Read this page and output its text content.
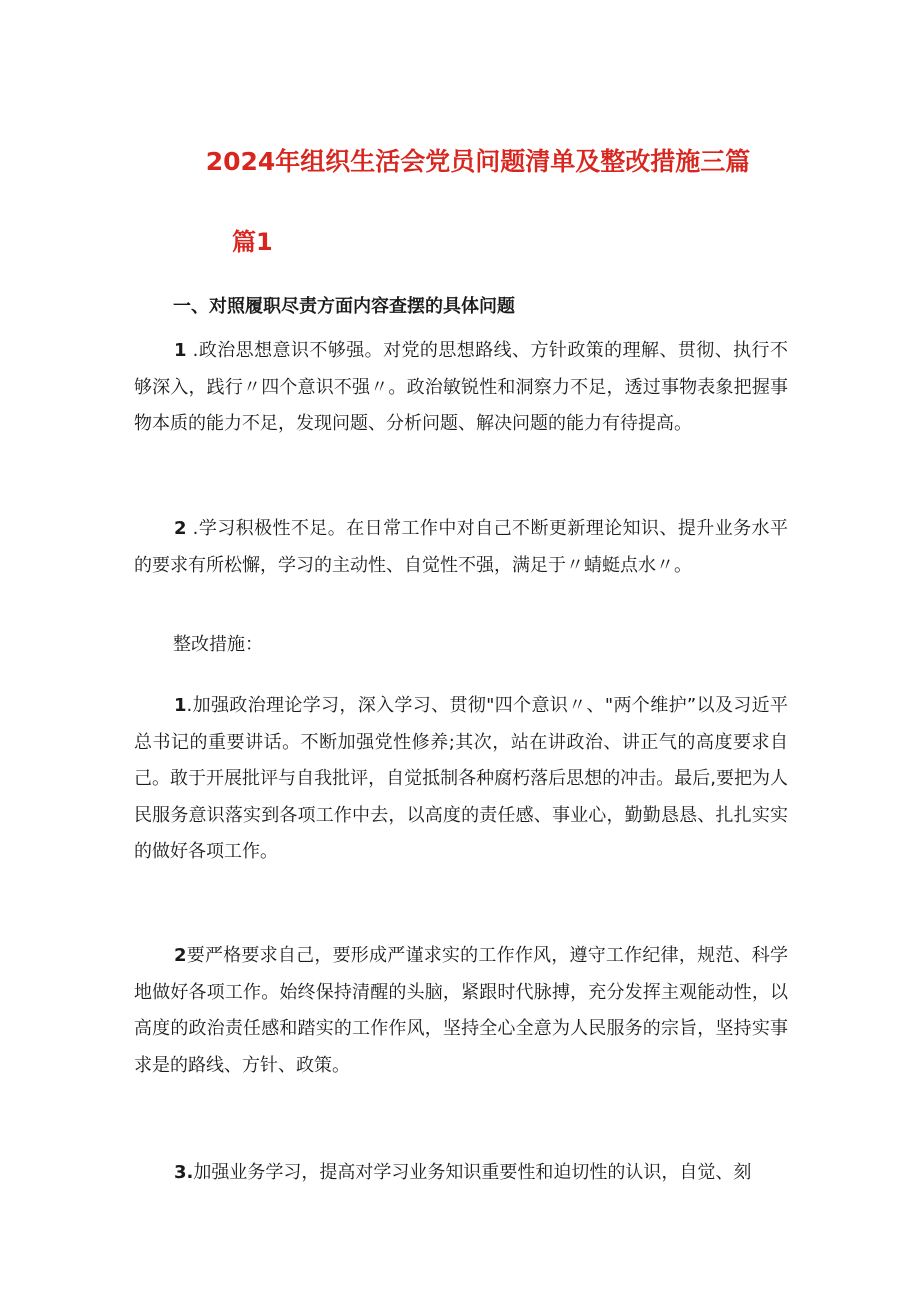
2024年组织生活会党员问题清单及整改措施三篇
篇1
一、对照履职尽责方面内容查摆的具体问题

1 .政治思想意识不够强。对党的思想路线、方针政策的理解、贯彻、执行不够深入，践行〃四个意识不强〃。政治敏锐性和洞察力不足，透过事物表象把握事物本质的能力不足，发现问题、分析问题、解决问题的能力有待提高。

2 .学习积极性不足。在日常工作中对自己不断更新理论知识、提升业务水平的要求有所松懈，学习的主动性、自觉性不强，满足于〃蜻蜓点水〃。

整改措施：

1.加强政治理论学习，深入学习、贯彻"四个意识〃、"两个维护”以及习近平总书记的重要讲话。不断加强党性修养;其次，站在讲政治、讲正气的高度要求自己。敢于开展批评与自我批评，自觉抵制各种腐朽落后思想的冲击。最后,要把为人民服务意识落实到各项工作中去，以高度的责任感、事业心，勤勤恳恳、扎扎实实的做好各项工作。

2要严格要求自己，要形成严谨求实的工作作风，遵守工作纪律，规范、科学地做好各项工作。始终保持清醒的头脑，紧跟时代脉搏，充分发挥主观能动性，以高度的政治责任感和踏实的工作作风，坚持全心全意为人民服务的宗旨，坚持实事求是的路线、方针、政策。

3.加强业务学习，提高对学习业务知识重要性和迫切性的认识，自觉、刻
